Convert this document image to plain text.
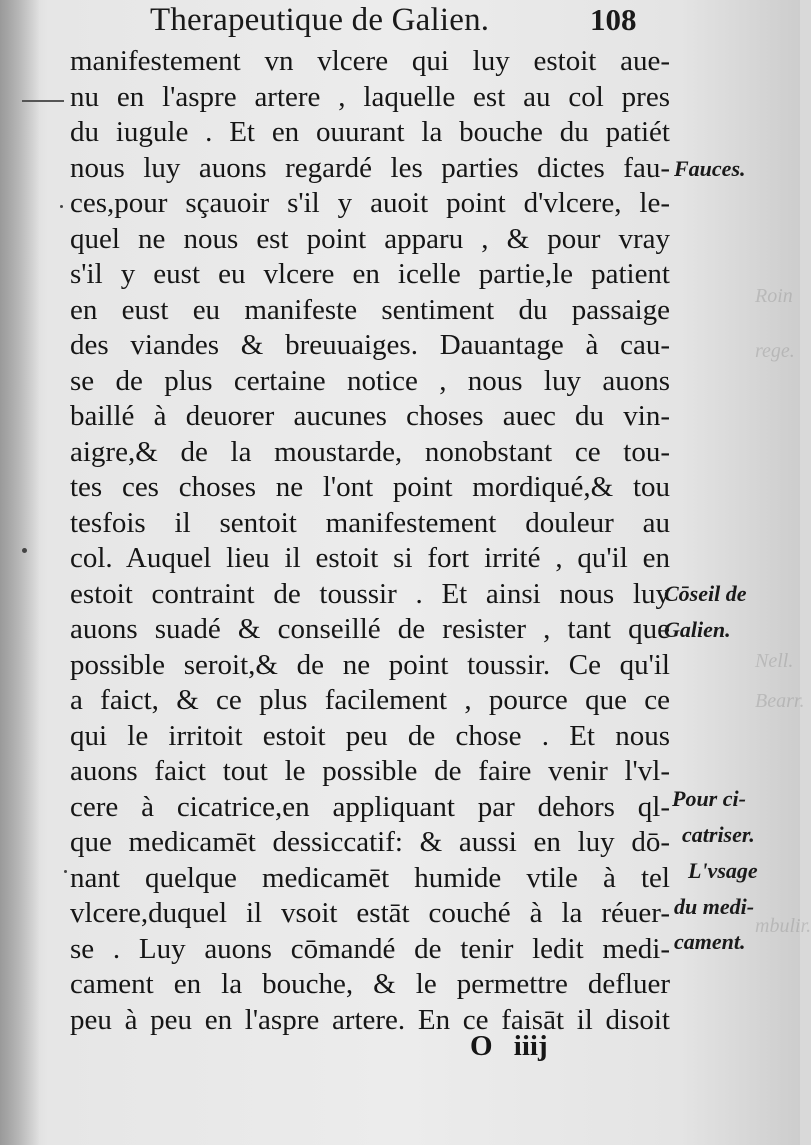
Roin
rege.
Nell.
Bearr.
mbulir.
Therapeutique de Galien.	108
manifestement vn vlcere qui luy estoit aue-
nu en l'aspre artere , laquelle est au col pres
du iugule . Et en ouurant la bouche du patiét
nous luy auons regardé les parties dictes fau-
ces,pour sçauoir s'il y auoit point d'vlcere, le-
quel ne nous est point apparu , & pour vray
s'il y eust eu vlcere en icelle partie,le patient
en eust eu manifeste sentiment du passaige
des viandes & breuuaiges. Dauantage à cau-
se de plus certaine notice , nous luy auons
baillé à deuorer aucunes choses auec du vin-
aigre,& de la moustarde, nonobstant ce tou-
tes ces choses ne l'ont point mordiqué,& tou
tesfois il sentoit manifestement douleur au
col. Auquel lieu il estoit si fort irrité , qu'il en
estoit contraint de toussir . Et ainsi nous luy
auons suadé & conseillé de resister , tant que
possible seroit,& de ne point toussir. Ce qu'il
a faict, & ce plus facilement , pource que ce
qui le irritoit estoit peu de chose . Et nous
auons faict tout le possible de faire venir l'vl-
cere à cicatrice,en appliquant par dehors ql-
que medicamēt dessiccatif: & aussi en luy dō-
nant quelque medicamēt humide vtile à tel
vlcere,duquel il vsoit estāt couché à la réuer-
se . Luy auons cōmandé de tenir ledit medi-
cament en la bouche, & le permettre defluer
peu à peu en l'aspre artere. En ce faisāt il disoit
Fauces.
Cōseil de
Galien.
Pour ci-
catriser.
L'vsage
du medi-
cament.
O iiij
